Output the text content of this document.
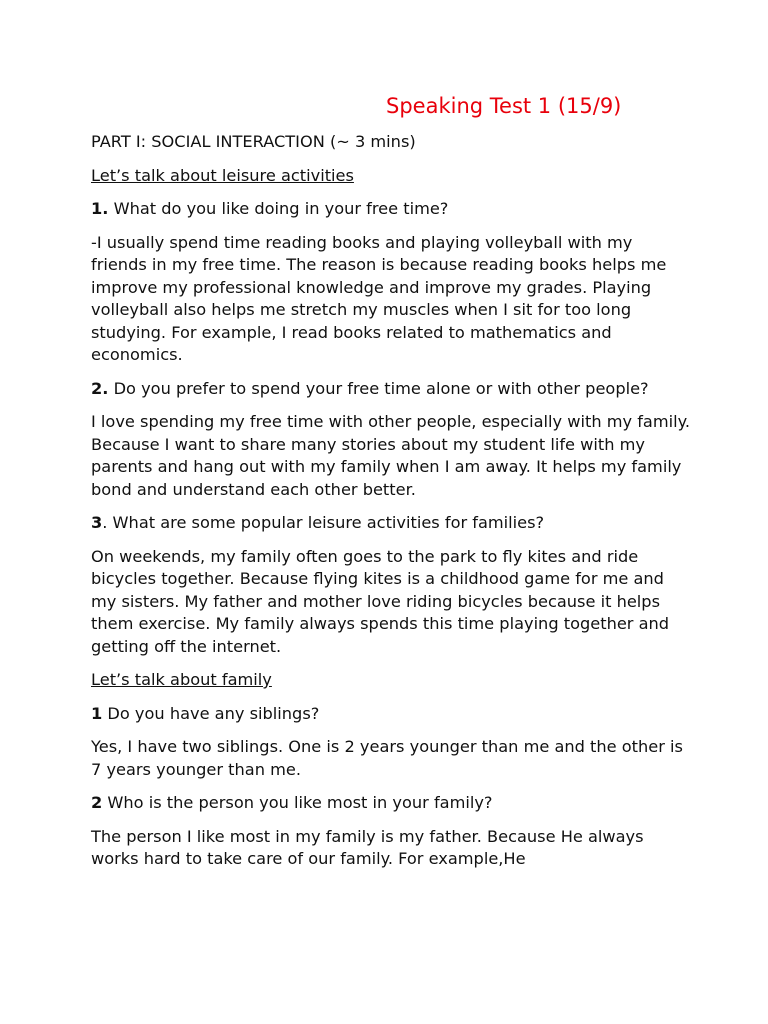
Speaking Test 1 (15/9)

PART I: SOCIAL INTERACTION (~ 3 mins)

Let’s talk about leisure activities

1. What do you like doing in your free time?

-I usually spend time reading books and playing volleyball with my friends in my free time. The reason is because reading books helps me improve my professional knowledge and improve my grades. Playing volleyball also helps me stretch my muscles when I sit for too long studying. For example, I read books related to mathematics and economics.

2. Do you prefer to spend your free time alone or with other people?

I love spending my free time with other people, especially with my family. Because I want to share many stories about my student life with my parents and hang out with my family when I am away. It helps my family bond and understand each other better.

3. What are some popular leisure activities for families?

On weekends, my family often goes to the park to fly kites and ride bicycles together. Because flying kites is a childhood game for me and my sisters. My father and mother love riding bicycles because it helps them exercise. My family always spends this time playing together and getting off the internet.

Let’s talk about family

1 Do you have any siblings?

Yes, I have two siblings. One is 2 years younger than me and the other is 7 years younger than me.

2 Who is the person you like most in your family?

The person I like most in my family is my father. Because He always works hard to take care of our family. For example,He
